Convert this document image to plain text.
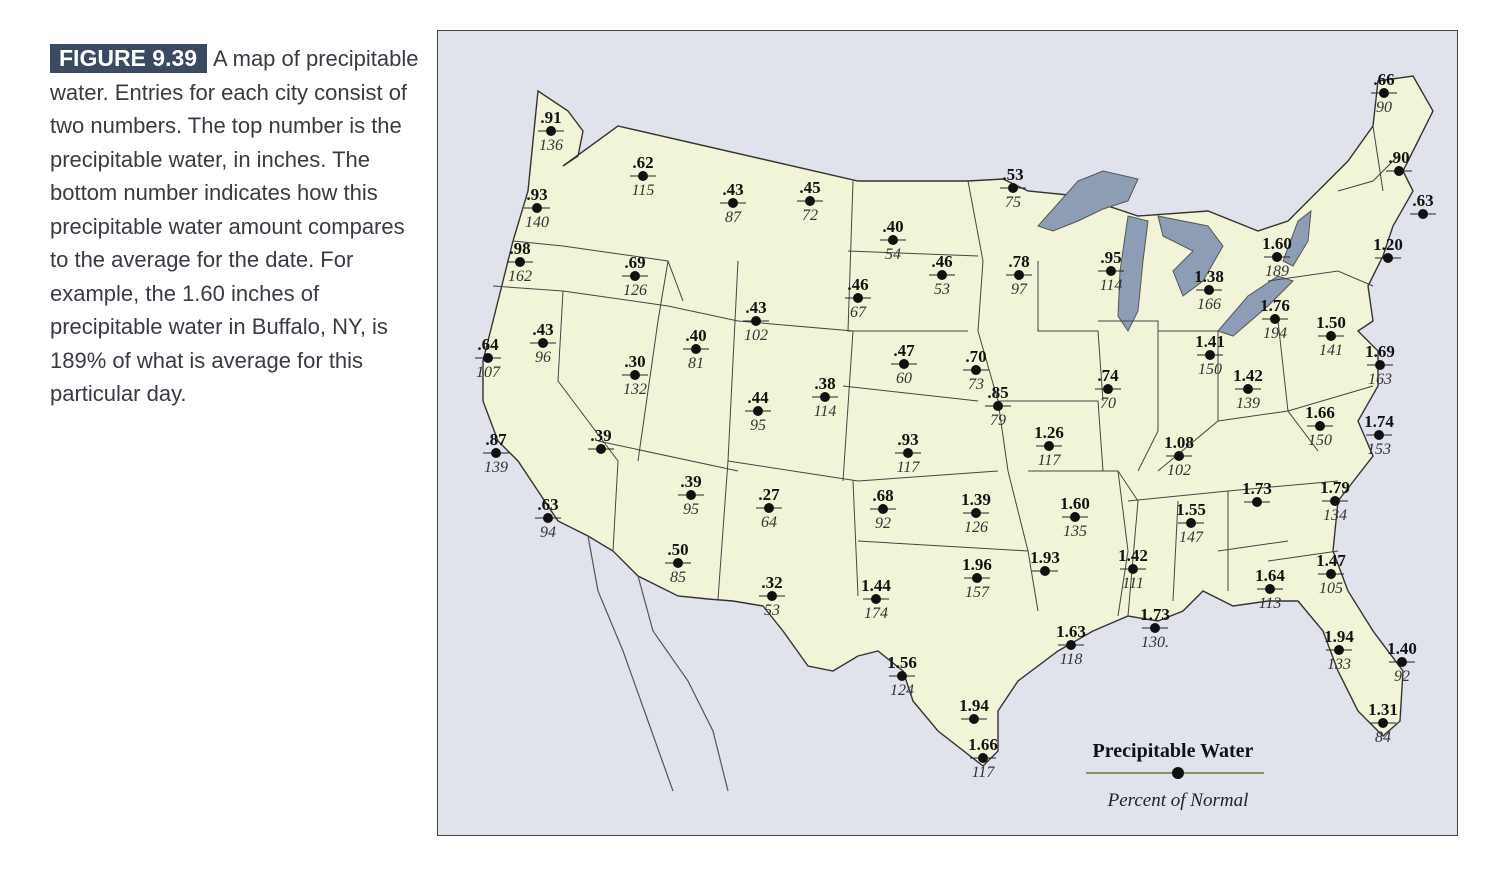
FIGURE 9.39 A map of precipitable water. Entries for each city consist of two numbers. The top number is the precipitable water, in inches. The bottom number indicates how this precipitable water amount compares to the average for the date. For example, the 1.60 inches of precipitable water in Buffalo, NY, is 189% of what is average for this particular day.
Precipitable Water
Percent of Normal
.91
136
.62
115	.43
87
.45
72
.53
75
.66
90
.93
140
.98
162
.69
126
.40
54 .46
53
.78
97
.95
114	1.38
166
1.60
189
1.20
.90
.63
.46
67
.43
102
.40
81
.43
96
.64
107
.30
132
.47
60
.70
73
1.76
194
1.50
141 1.69
163
1.41
150 1.42
139
.74
70
.38
114
.44
95
.85
79	1.66
150
1.74
153
.87
139
.39	.93
117
1.26
117
1.08
102
.63
94
.39
95
.27
64
.68
92
1.39
126
1.60
135
1.55
147
1.73	1.79
134
.50
85
1.96
157
1.93	1.42
111
1.47
105
.32
53
1.44
174
1.64
113
1.73
130.
1.63
118
1.94
133
1.40
92
1.56
124
1.94	1.31
84
1.66
117
